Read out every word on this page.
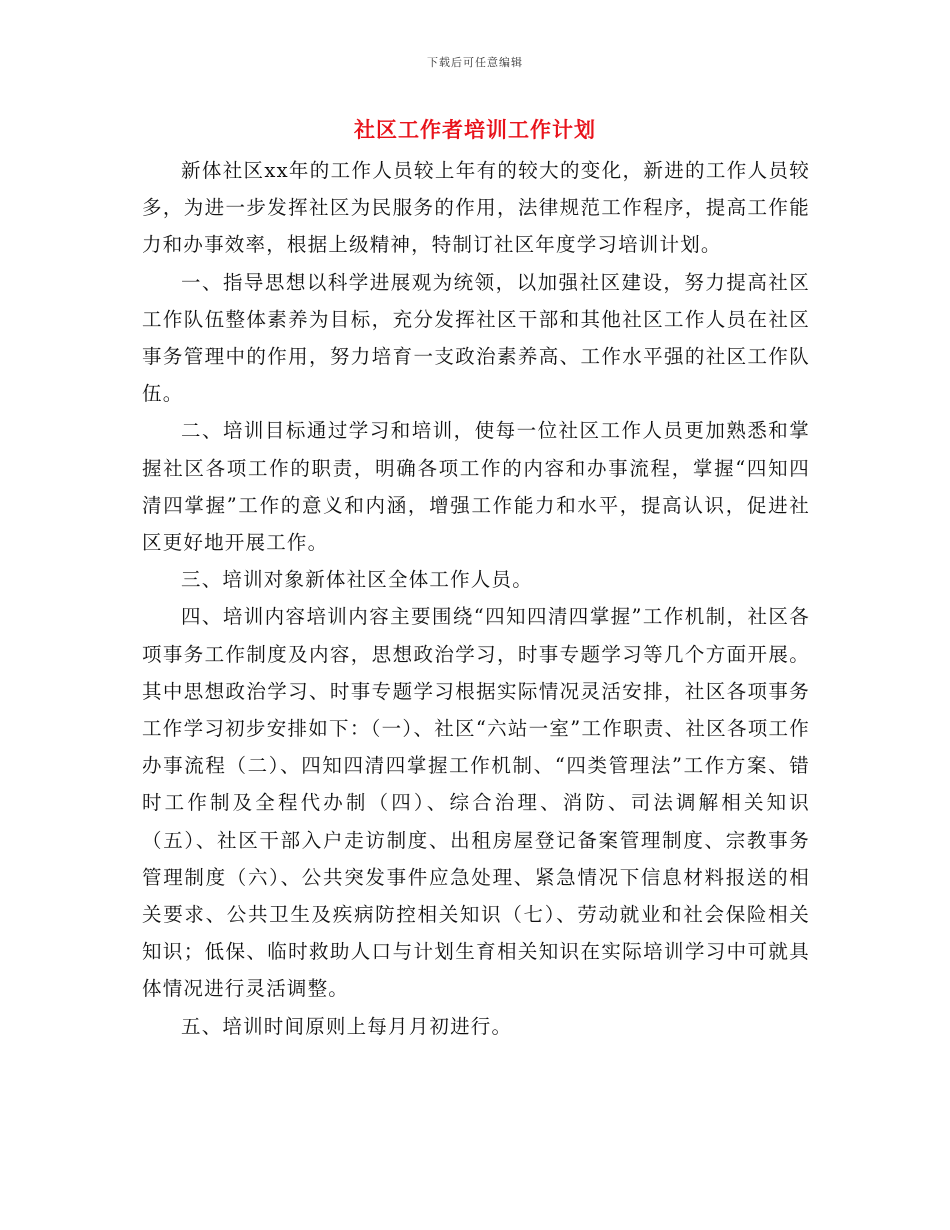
下载后可任意编辑
社区工作者培训工作计划

新体社区xx年的工作人员较上年有的较大的变化，新进的工作人员较多，为进一步发挥社区为民服务的作用，法律规范工作程序，提高工作能力和办事效率，根据上级精神，特制订社区年度学习培训计划。

一、指导思想以科学进展观为统领，以加强社区建设，努力提高社区工作队伍整体素养为目标，充分发挥社区干部和其他社区工作人员在社区事务管理中的作用，努力培育一支政治素养高、工作水平强的社区工作队伍。

二、培训目标通过学习和培训，使每一位社区工作人员更加熟悉和掌握社区各项工作的职责，明确各项工作的内容和办事流程，掌握“四知四清四掌握”工作的意义和内涵，增强工作能力和水平，提高认识，促进社区更好地开展工作。

三、培训对象新体社区全体工作人员。

四、培训内容培训内容主要围绕“四知四清四掌握”工作机制，社区各项事务工作制度及内容，思想政治学习，时事专题学习等几个方面开展。其中思想政治学习、时事专题学习根据实际情况灵活安排，社区各项事务工作学习初步安排如下：（一）、社区“六站一室”工作职责、社区各项工作办事流程（二）、四知四清四掌握工作机制、“四类管理法”工作方案、错时工作制及全程代办制（四）、综合治理、消防、司法调解相关知识（五）、社区干部入户走访制度、出租房屋登记备案管理制度、宗教事务管理制度（六）、公共突发事件应急处理、紧急情况下信息材料报送的相关要求、公共卫生及疾病防控相关知识（七）、劳动就业和社会保险相关知识；低保、临时救助人口与计划生育相关知识在实际培训学习中可就具体情况进行灵活调整。

五、培训时间原则上每月月初进行。
